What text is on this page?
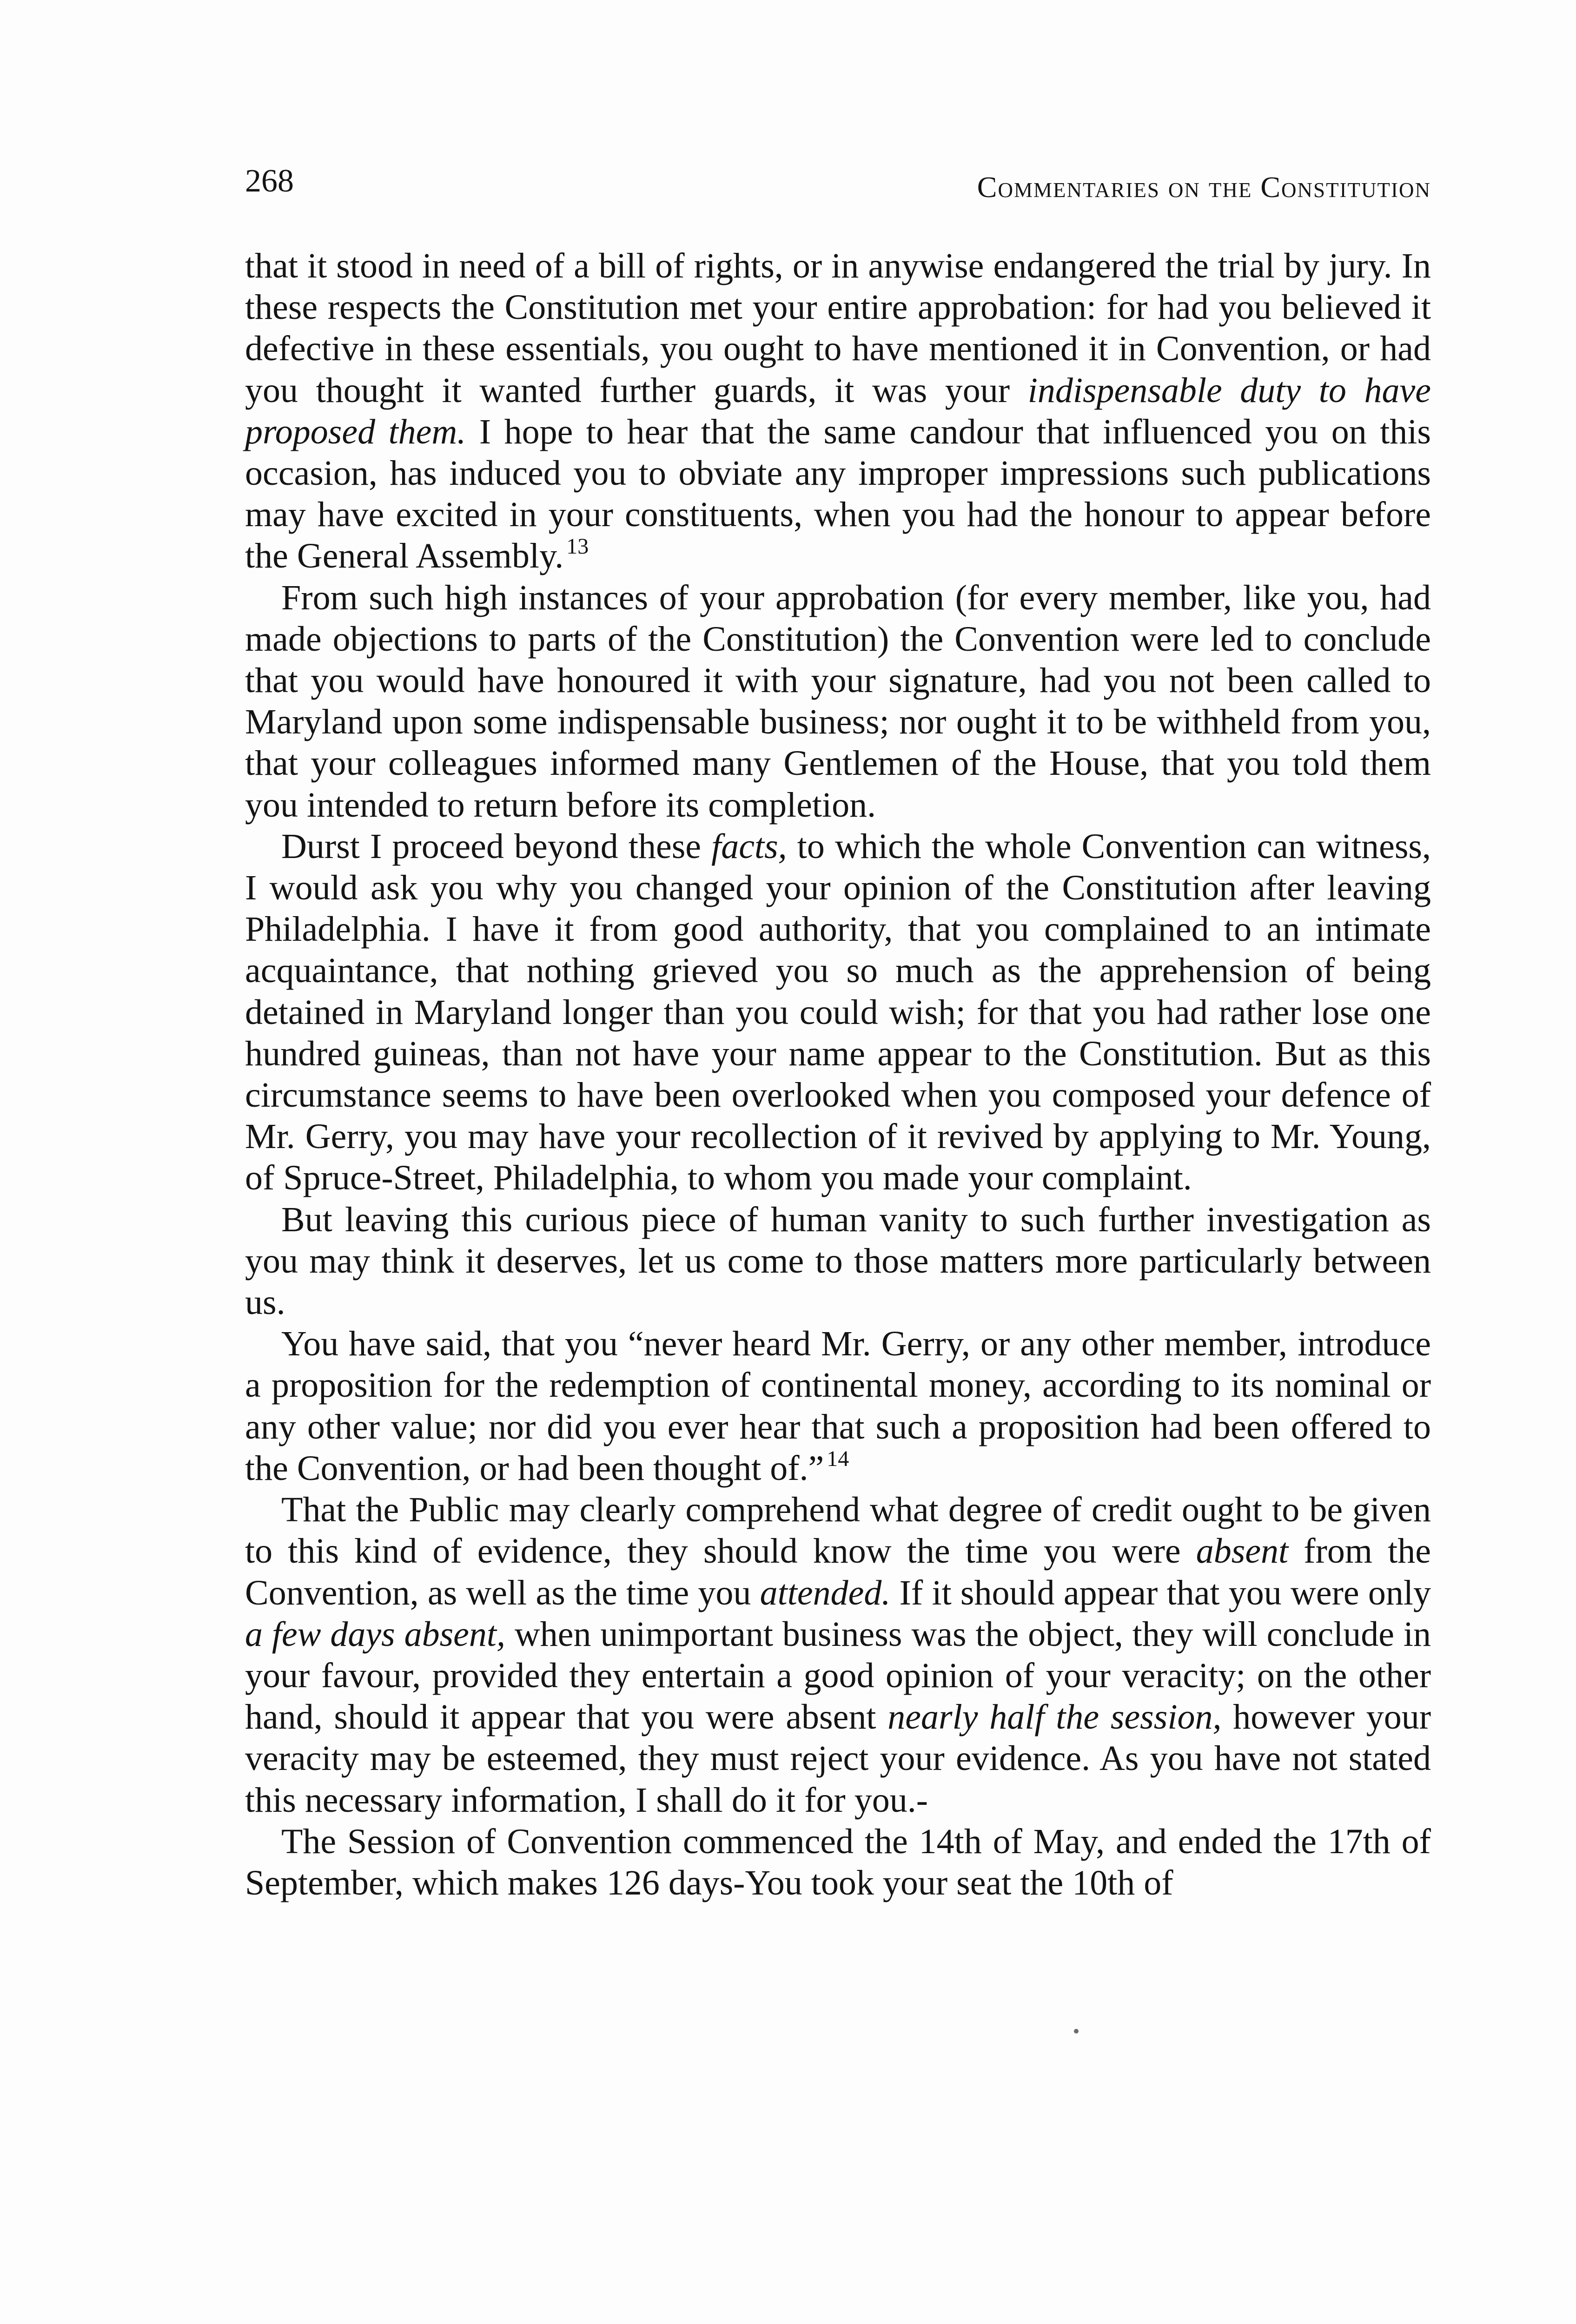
268	Commentaries on the Constitution

that it stood in need of a bill of rights, or in anywise endangered the trial by jury. In these respects the Constitution met your entire approbation: for had you believed it defective in these essentials, you ought to have mentioned it in Convention, or had you thought it wanted further guards, it was your indispensable duty to have proposed them. I hope to hear that the same candour that influenced you on this occasion, has induced you to obviate any improper impressions such publications may have excited in your constituents, when you had the honour to appear before the General Assembly. $^{13}$

From such high instances of your approbation (for every member, like you, had made objections to parts of the Constitution) the Convention were led to conclude that you would have honoured it with your signature, had you not been called to Maryland upon some indispensable business; nor ought it to be withheld from you, that your colleagues informed many Gentlemen of the House, that you told them you intended to return before its completion.

Durst I proceed beyond these facts, to which the whole Convention can witness, I would ask you why you changed your opinion of the Constitution after leaving Philadelphia. I have it from good authority, that you complained to an intimate acquaintance, that nothing grieved you so much as the apprehension of being detained in Maryland longer than you could wish; for that you had rather lose one hundred guineas, than not have your name appear to the Constitution. But as this circumstance seems to have been overlooked when you composed your defence of Mr. Gerry, you may have your recollection of it revived by applying to Mr. Young, of Spruce-Street, Philadelphia, to whom you made your complaint.

But leaving this curious piece of human vanity to such further investigation as you may think it deserves, let us come to those matters more particularly between us.

You have said, that you “never heard Mr. Gerry, or any other member, introduce a proposition for the redemption of continental money, according to its nominal or any other value; nor did you ever hear that such a proposition had been offered to the Convention, or had been thought of.” $^{14}$

That the Public may clearly comprehend what degree of credit ought to be given to this kind of evidence, they should know the time you were absent from the Convention, as well as the time you attended. If it should appear that you were only a few days absent, when unimportant business was the object, they will conclude in your favour, provided they entertain a good opinion of your veracity; on the other hand, should it appear that you were absent nearly half the session, however your veracity may be esteemed, they must reject your evidence. As you have not stated this necessary information, I shall do it for you.-

The Session of Convention commenced the 14th of May, and ended the 17th of September, which makes 126 days-You took your seat the 10th of
